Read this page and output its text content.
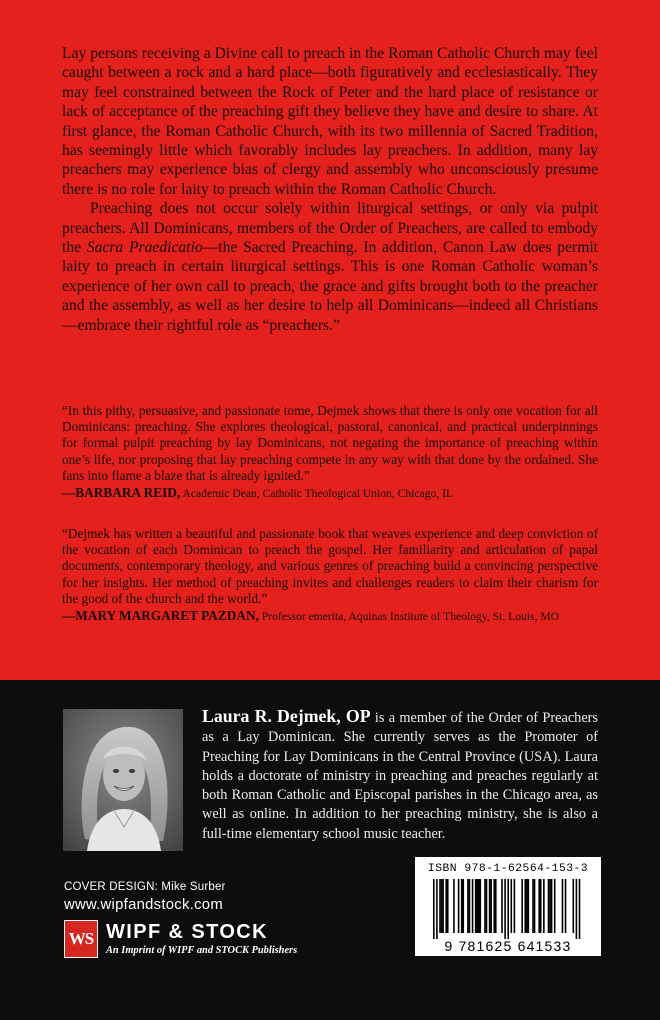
Lay persons receiving a Divine call to preach in the Roman Catholic Church may feel caught between a rock and a hard place—both figuratively and ecclesiastically. They may feel constrained between the Rock of Peter and the hard place of resistance or lack of acceptance of the preaching gift they believe they have and desire to share. At first glance, the Roman Catholic Church, with its two millennia of Sacred Tradition, has seemingly little which favorably includes lay preachers. In addition, many lay preachers may experience bias of clergy and assembly who unconsciously presume there is no role for laity to preach within the Roman Catholic Church.

Preaching does not occur solely within liturgical settings, or only via pulpit preachers. All Dominicans, members of the Order of Preachers, are called to embody the Sacra Praedicatio—the Sacred Preaching. In addition, Canon Law does permit laity to preach in certain liturgical settings. This is one Roman Catholic woman’s experience of her own call to preach, the grace and gifts brought both to the preacher and the assembly, as well as her desire to help all Dominicans—indeed all Christians—embrace their rightful role as “preachers.”

“In this pithy, persuasive, and passionate tome, Dejmek shows that there is only one vocation for all Dominicans: preaching. She explores theological, pastoral, canonical, and practical underpinnings for formal pulpit preaching by lay Dominicans, not negating the importance of preaching within one’s life, nor proposing that lay preaching compete in any way with that done by the ordained. She fans into flame a blaze that is already ignited.”

—BARBARA REID, Academic Dean, Catholic Theological Union, Chicago, IL

“Dejmek has written a beautiful and passionate book that weaves experience and deep conviction of the vocation of each Dominican to preach the gospel. Her familiarity and articulation of papal documents, contemporary theology, and various genres of preaching build a convincing perspective for her insights. Her method of preaching invites and challenges readers to claim their charism for the good of the church and the world.”

—MARY MARGARET PAZDAN, Professor emerita, Aquinas Institute of Theology, St. Louis, MO

Laura R. Dejmek, OP is a member of the Order of Preachers as a Lay Dominican. She currently serves as the Promoter of Preaching for Lay Dominicans in the Central Province (USA). Laura holds a doctorate of ministry in preaching and preaches regularly at both Roman Catholic and Episcopal parishes in the Chicago area, as well as online. In addition to her preaching ministry, she is also a full-time elementary school music teacher.

COVER DESIGN: Mike Surber
www.wipfandstock.com
WS WIPF & STOCK
An Imprint of WIPF and STOCK Publishers
ISBN 978-1-62564-153-3
9 781625 641533
